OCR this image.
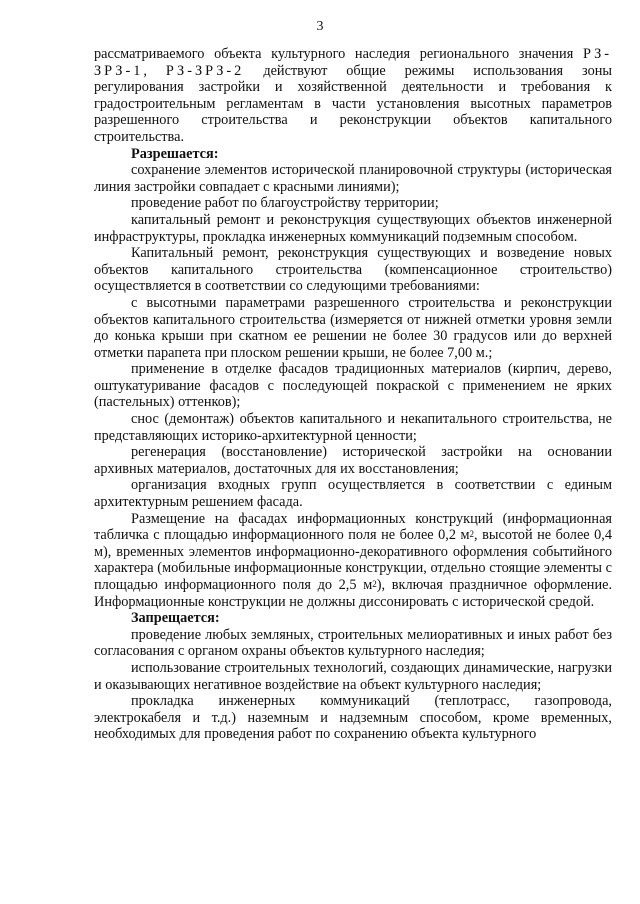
3

рассматриваемого объекта культурного наследия регионального значения РЗ-ЗРЗ-1, РЗ-ЗРЗ-2 действуют общие режимы использования зоны регулирования застройки и хозяйственной деятельности и требования к градостроительным регламентам в части установления высотных параметров разрешенного строительства и реконструкции объектов капитального строительства.

Разрешается:

сохранение элементов исторической планировочной структуры (историческая линия застройки совпадает с красными линиями);

проведение работ по благоустройству территории;

капитальный ремонт и реконструкция существующих объектов инженерной инфраструктуры, прокладка инженерных коммуникаций подземным способом.

Капитальный ремонт, реконструкция существующих и возведение новых объектов капитального строительства (компенсационное строительство) осуществляется в соответствии со следующими требованиями:

с высотными параметрами разрешенного строительства и реконструкции объектов капитального строительства (измеряется от нижней отметки уровня земли до конька крыши при скатном ее решении не более 30 градусов или до верхней отметки парапета при плоском решении крыши, не более 7,00 м.;

применение в отделке фасадов традиционных материалов (кирпич, дерево, оштукатуривание фасадов с последующей покраской с применением не ярких (пастельных) оттенков);

снос (демонтаж) объектов капитального и некапитального строительства, не представляющих историко-архитектурной ценности;

регенерация (восстановление) исторической застройки на основании архивных материалов, достаточных для их восстановления;

организация входных групп осуществляется в соответствии с единым архитектурным решением фасада.

Размещение на фасадах информационных конструкций (информационная табличка с площадью информационного поля не более 0,2 $м^2$, высотой не более 0,4 м), временных элементов информационно-декоративного оформления событийного характера (мобильные информационные конструкции, отдельно стоящие элементы с площадью информационного поля до 2,5 $м^2$), включая праздничное оформление. Информационные конструкции не должны диссонировать с исторической средой.

Запрещается:

проведение любых земляных, строительных мелиоративных и иных работ без согласования с органом охраны объектов культурного наследия;

использование строительных технологий, создающих динамические, нагрузки и оказывающих негативное воздействие на объект культурного наследия;

прокладка инженерных коммуникаций (теплотрасс, газопровода, электрокабеля и т.д.) наземным и надземным способом, кроме временных, необходимых для проведения работ по сохранению объекта культурного
